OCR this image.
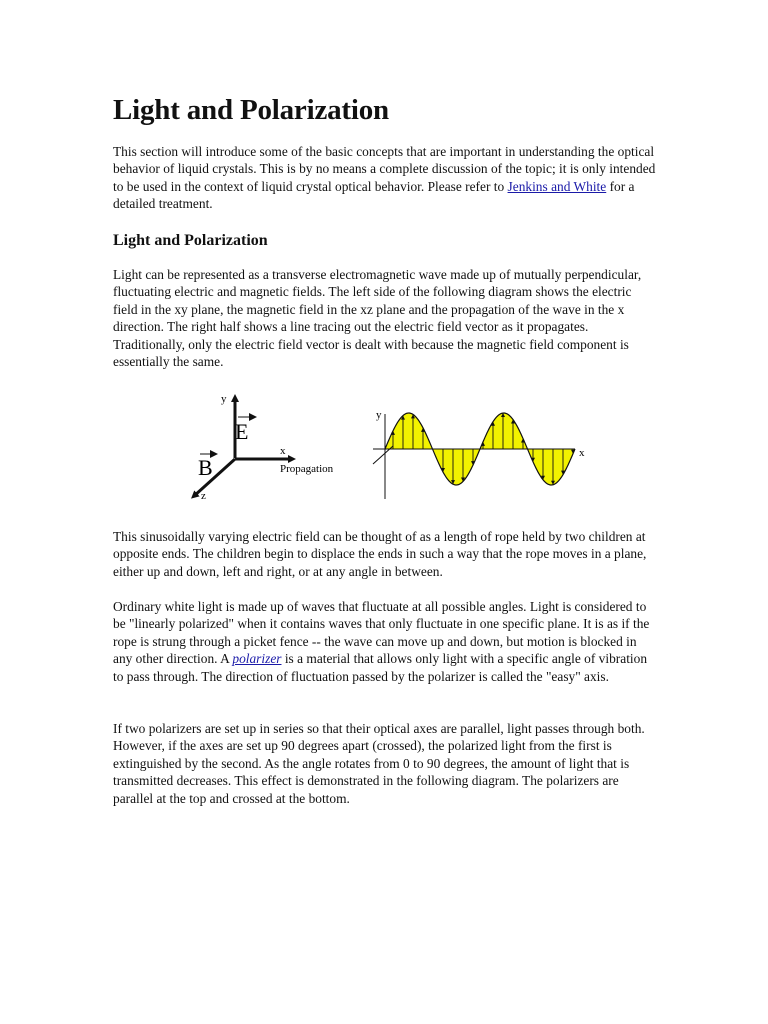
Light and Polarization

This section will introduce some of the basic concepts that are important in understanding the optical behavior of liquid crystals. This is by no means a complete discussion of the topic; it is only intended to be used in the context of liquid crystal optical behavior. Please refer to Jenkins and White for a detailed treatment.

Light and Polarization

Light can be represented as a transverse electromagnetic wave made up of mutually perpendicular, fluctuating electric and magnetic fields. The left side of the following diagram shows the electric field in the xy plane, the magnetic field in the xz plane and the propagation of the wave in the x direction. The right half shows a line tracing out the electric field vector as it propagates. Traditionally, only the electric field vector is dealt with because the magnetic field component is essentially the same.

y
E
x
B	Propagation
z
y
x

This sinusoidally varying electric field can be thought of as a length of rope held by two children at opposite ends. The children begin to displace the ends in such a way that the rope moves in a plane, either up and down, left and right, or at any angle in between.

Ordinary white light is made up of waves that fluctuate at all possible angles. Light is considered to be "linearly polarized" when it contains waves that only fluctuate in one specific plane. It is as if the rope is strung through a picket fence -- the wave can move up and down, but motion is blocked in any other direction. A polarizer is a material that allows only light with a specific angle of vibration to pass through. The direction of fluctuation passed by the polarizer is called the "easy" axis.

If two polarizers are set up in series so that their optical axes are parallel, light passes through both. However, if the axes are set up 90 degrees apart (crossed), the polarized light from the first is extinguished by the second. As the angle rotates from 0 to 90 degrees, the amount of light that is transmitted decreases. This effect is demonstrated in the following diagram. The polarizers are parallel at the top and crossed at the bottom.
